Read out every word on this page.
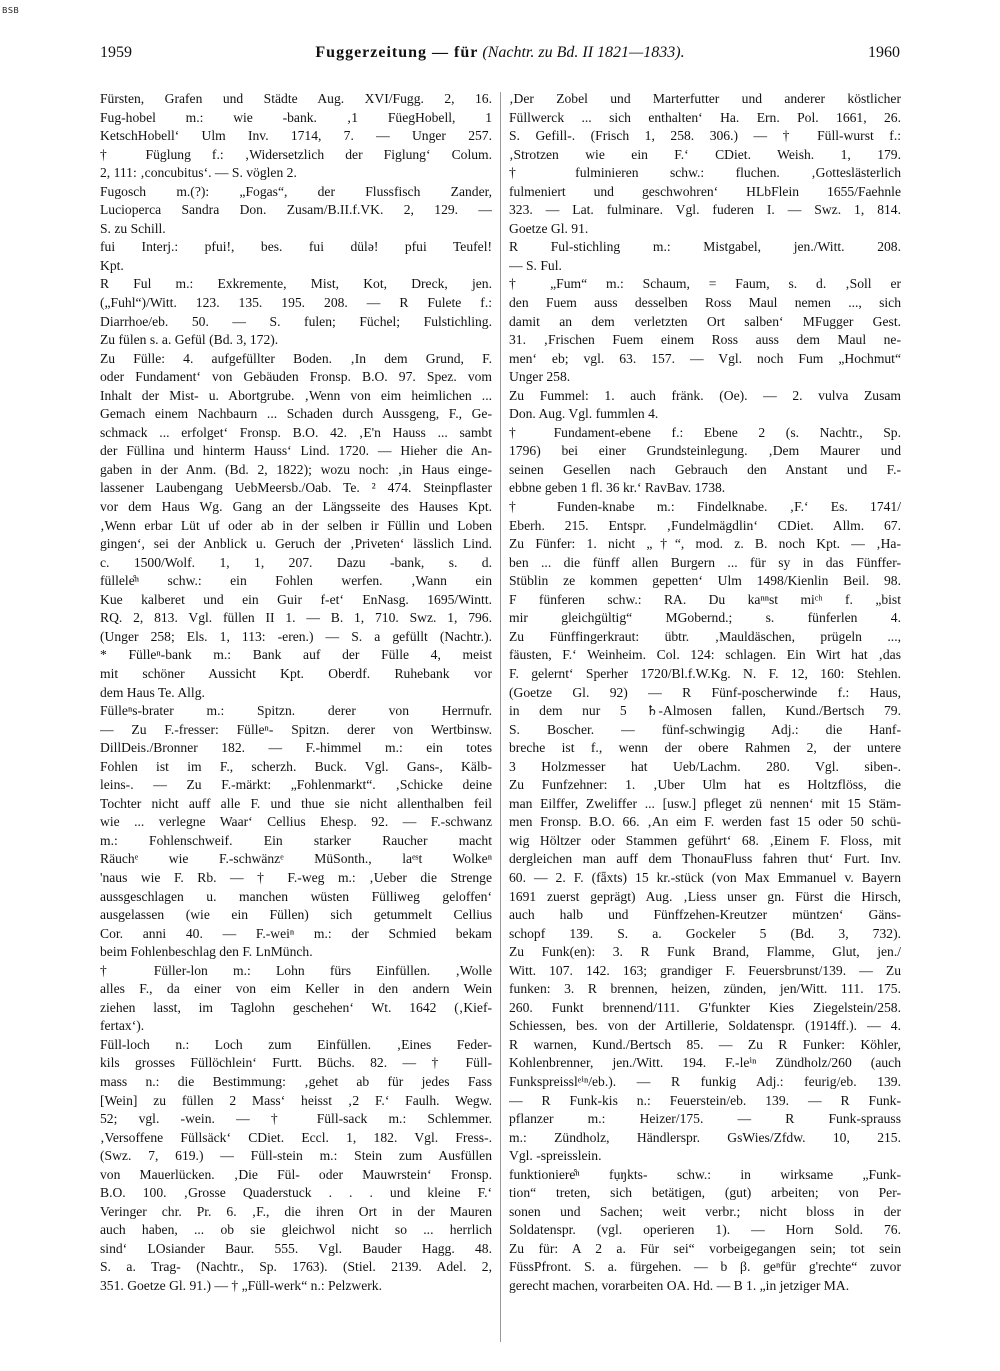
BSB
1959	Fuggerzeitung — für (Nachtr. zu Bd. II 1821—1833).	1960
Fürsten, Grafen und Städte Aug. XVI/Fugg. 2, 16.
Fug-hobel m.: wie -bank. ‚1 FüegHobell, 1
KetschHobell‘ Ulm Inv. 1714, 7. — Unger 257.
† Füglung f.: ‚Widersetzlich der Figlung‘ Colum.
2, 111: ‚concubitus‘. — S. vöglen 2.
Fugosch m.(?): „Fogas“, der Flussfisch Zander,
Lucioperca Sandra Don. Zusam/B.II.f.VK. 2, 129. —
S. zu Schill.
fui Interj.: pfui!, bes. fui dülə! pfui Teufel!
Kpt.
R Ful m.: Exkremente, Mist, Kot, Dreck, jen.
(„Fuhl“)/Witt. 123. 135. 195. 208. — R Fulete f.:
Diarrhoe/eb. 50. — S. fulen; Füchel; Fulstichling.
Zu fülen s. a. Gefül (Bd. 3, 172).
Zu Fülle: 4. aufgefüllter Boden. ‚In dem Grund, F.
oder Fundament‘ von Gebäuden Fronsp. B.O. 97. Spez. vom
Inhalt der Mist- u. Abortgrube. ‚Wenn von eim heimlichen ...
Gemach einem Nachbaurn ... Schaden durch Aussgeng, F., Ge-
schmack ... erfolget‘ Fronsp. B.O. 42. ‚E'n Hauss ... sambt
der Füllina und hinterm Hauss‘ Lind. 1720. — Hieher die An-
gaben in der Anm. (Bd. 2, 1822); wozu noch: ‚in Haus einge-
lassener Laubengang UebMeersb./Oab. Te. ² 474. Steinpflaster
vor dem Haus Wg. Gang an der Längsseite des Hauses Kpt.
‚Wenn erbar Lüt uf oder ab in der selben ir Füllin und Loben
gingen‘, sei der Anblick u. Geruch der ‚Priveten‘ lässlich Lind.
c. 1500/Wolf. 1, 1, 207. Dazu -bank, s. d.
füllele̊ⁿ schw.: ein Fohlen werfen. ‚Wann ein
Kue kalberet und ein Guir f-et‘ EnNasg. 1695/Wintt.
RQ. 2, 813. Vgl. füllen II 1. — B. 1, 710. Swz. 1, 796.
(Unger 258; Els. 1, 113: -eren.) — S. a gefüllt (Nachtr.).
* Fülleⁿ-bank m.: Bank auf der Fülle 4, meist
mit schöner Aussicht Kpt. Oberdf. Ruhebank vor
dem Haus Te. Allg.
Fülleⁿs-brater m.: Spitzn. derer von Herrnufr.
— Zu F.-fresser: Fülleⁿ- Spitzn. derer von Wertbinsw.
DillDeis./Bronner 182. — F.-himmel m.: ein totes
Fohlen ist im F., scherzh. Buck. Vgl. Gans-, Kälb-
leins-. — Zu F.-märkt: „Fohlenmarkt“. ‚Schicke deine
Tochter nicht auff alle F. und thue sie nicht allenthalben feil
wie ... verlegne Waar‘ Cellius Ehesp. 92. — F.-schwanz
m.: Fohlenschweif. Ein starker Raucher macht
Räuchᵉ wie F.-schwänzᵉ MüSonth., laᵉˢt Wolkeⁿ
'naus wie F. Rb. — † F.-weg m.: ‚Ueber die Strenge
aussgeschlagen u. manchen wüsten Fülliweg geloffen‘
ausgelassen (wie ein Füllen) sich getummelt Cellius
Cor. anni 40. — F.-weiⁿ m.: der Schmied bekam
beim Fohlenbeschlag den F. LnMünch.
† Füller-lon m.: Lohn fürs Einfüllen. ‚Wolle
alles F., da einer von eim Keller in den andern Wein
ziehen lasst, im Taglohn geschehen‘ Wt. 1642 (‚Kief-
fertax‘).
Füll-loch n.: Loch zum Einfüllen. ‚Eines Feder-
kils grosses Füllöchlein‘ Furtt. Büchs. 82. — † Füll-
mass n.: die Bestimmung: ‚gehet ab für jedes Fass
[Wein] zu füllen 2 Mass‘ heisst ‚2 F.‘ Faulh. Wegw.
52; vgl. -wein. — † Füll-sack m.: Schlemmer.
‚Versoffene Füllsäck‘ CDiet. Eccl. 1, 182. Vgl. Fress-.
(Swz. 7, 619.) — Füll-stein m.: Stein zum Ausfüllen
von Mauerlücken. ‚Die Fül- oder Mauwrstein‘ Fronsp.
B.O. 100. ‚Grosse Quaderstuck . . . und kleine F.‘
Veringer chr. Pr. 6. ‚F., die ihren Ort in der Mauren
auch haben, ... ob sie gleichwol nicht so ... herrlich
sind‘ LOsiander Baur. 555. Vgl. Bauder Hagg. 48.
S. a. Trag- (Nachtr., Sp. 1763). (Stiel. 2139. Adel. 2,
351. Goetze Gl. 91.) — † „Füll-werk“ n.: Pelzwerk.
‚Der Zobel und Marterfutter und anderer köstlicher
Füllwerck ... sich enthalten‘ Ha. Ern. Pol. 1661, 26.
S. Gefill-. (Frisch 1, 258. 306.) — † Füll-wurst f.:
‚Strotzen wie ein F.‘ CDiet. Weish. 1, 179.
† fulminieren schw.: fluchen. ‚Gotteslästerlich
fulmeniert und geschwohren‘ HLbFlein 1655/Faehnle
323. — Lat. fulminare. Vgl. fuderen I. — Swz. 1, 814.
Goetze Gl. 91.
R Ful-stichling m.: Mistgabel, jen./Witt. 208.
— S. Ful.
† „Fum“ m.: Schaum, = Faum, s. d. ‚Soll er
den Fuem auss desselben Ross Maul nemen ..., sich
damit an dem verletzten Ort salben‘ MFugger Gest.
31. ‚Frischen Fuem einem Ross auss dem Maul ne-
men‘ eb; vgl. 63. 157. — Vgl. noch Fum „Hochmut“
Unger 258.
Zu Fummel: 1. auch fränk. (Oe). — 2. vulva Zusam
Don. Aug. Vgl. fummlen 4.
† Fundament-ebene f.: Ebene 2 (s. Nachtr., Sp.
1796) bei einer Grundsteinlegung. ‚Dem Maurer und
seinen Gesellen nach Gebrauch den Anstant und F.-
ebbne geben 1 fl. 36 kr.‘ RavBav. 1738.
† Funden-knabe m.: Findelknabe. ‚F.‘ Es. 1741/
Eberh. 215. Entspr. ‚Fundelmägdlin‘ CDiet. Allm. 67.
Zu Fünfer: 1. nicht „†“, mod. z. B. noch Kpt. — ‚Ha-
ben ... die fünff allen Burgern ... für sy in das Fünffer-
Stüblin ze kommen gepetten‘ Ulm 1498/Kienlin Beil. 98.
F fünferen schw.: RA. Du kaⁿⁿst miᶜʰ f. „bist
mir gleichgültig“ MGobernd.; s. fünferlen 4.
Zu Fünffingerkraut: übtr. ‚Mauldäschen, prügeln ...,
fäusten, F.‘ Weinheim. Col. 124: schlagen. Ein Wirt hat ‚das
F. gelernt‘ Sperher 1720/Bl.f.W.Kg. N. F. 12, 160: Stehlen.
(Goetze Gl. 92) — R Fünf-poscherwinde f.: Haus,
in dem nur 5 ♄-Almosen fallen, Kund./Bertsch 79.
S. Boscher. — fünf-schwingig Adj.: die Hanf-
breche ist f., wenn der obere Rahmen 2, der untere
3 Holzmesser hat Ueb/Lachm. 280. Vgl. siben-.
Zu Funfzehner: 1. ‚Uber Ulm hat es Holtzflöss, die
man Eilffer, Zweliffer ... [usw.] pfleget zü nennen‘ mit 15 Stäm-
men Fronsp. B.O. 66. ‚An eim F. werden fast 15 oder 50 schü-
wig Höltzer oder Stammen geführt‘ 68. ‚Einem F. Floss, mit
dergleichen man auff dem ThonauFluss fahren thut‘ Furt. Inv.
60. — 2. F. (fǟxts) 15 kr.-stück (von Max Emmanuel v. Bayern
1691 zuerst geprägt) Aug. ‚Liess unser gn. Fürst die Hirsch,
auch halb und Fünffzehen-Kreutzer müntzen‘ Gäns-
schopf 139. S. a. Gockeler 5 (Bd. 3, 732).
Zu Funk(en): 3. R Funk Brand, Flamme, Glut, jen./
Witt. 107. 142. 163; grandiger F. Feuersbrunst/139. — Zu
funken: 3. R brennen, heizen, zünden, jen/Witt. 111. 175.
260. Funkt brennend/111. G'funkter Kies Ziegelstein/258.
Schiessen, bes. von der Artillerie, Soldatenspr. (1914ff.). — 4.
R warnen, Kund./Bertsch 85. — Zu R Funker: Köhler,
Kohlenbrenner, jen./Witt. 194. F.-leⁱⁿ Zündholz/260 (auch
Funkspreisslᵉⁱⁿ/eb.). — R funkig Adj.: feurig/eb. 139.
— R Funk-kis n.: Feuerstein/eb. 139. — R Funk-
pflanzer m.: Heizer/175. — R Funk-sprauss
m.: Zündholz, Händlerspr. GsWies/Zfdw. 10, 215.
Vgl. -spreisslein.
funktioniere̊ⁿ fụŋkts- schw.: in wirksame „Funk-
tion“ treten, sich betätigen, (gut) arbeiten; von Per-
sonen und Sachen; weit verbr.; nicht bloss in der
Soldatenspr. (vgl. operieren 1). — Horn Sold. 76.
Zu für: A 2 a. Für sei“ vorbeigegangen sein; tot sein
FüssPfront. S. a. fürgehen. — b β. geⁿfür g'rechte“ zuvor
gerecht machen, vorarbeiten OA. Hd. — B 1. „in jetziger MA.
